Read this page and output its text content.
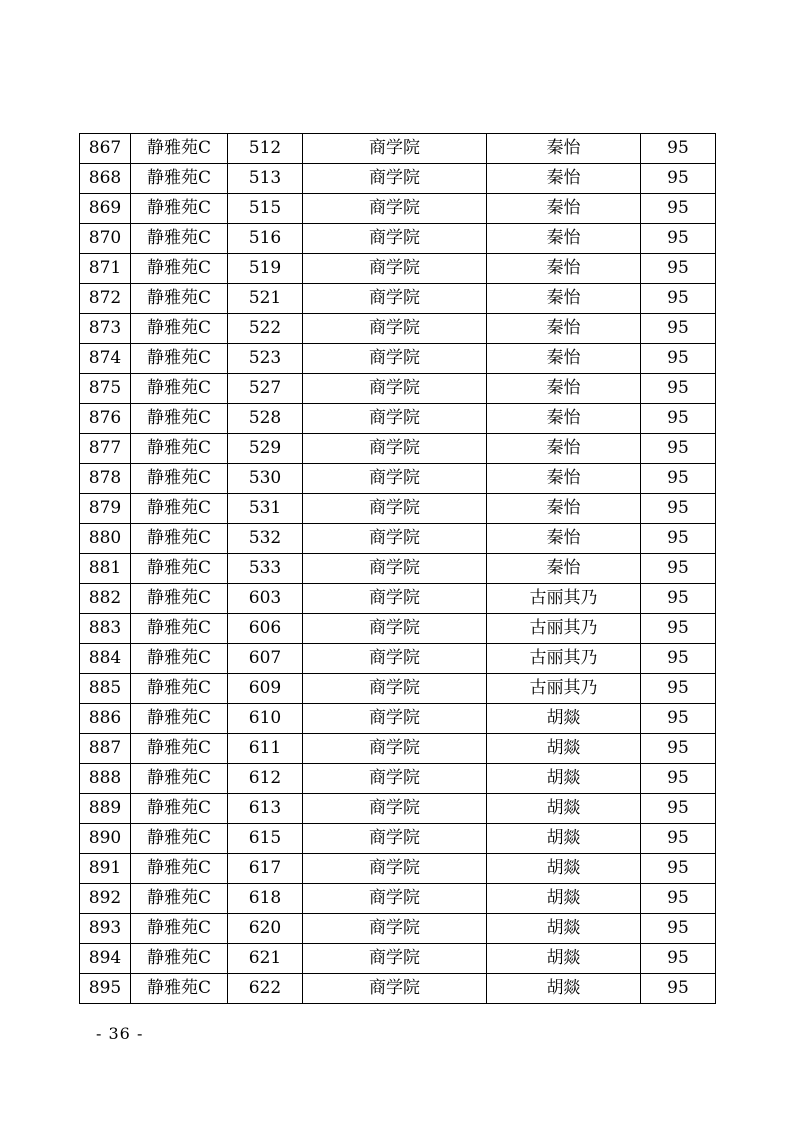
867	静雅苑C	512	商学院	秦怡	95
868	静雅苑C	513	商学院	秦怡	95
869	静雅苑C	515	商学院	秦怡	95
870	静雅苑C	516	商学院	秦怡	95
871	静雅苑C	519	商学院	秦怡	95
872	静雅苑C	521	商学院	秦怡	95
873	静雅苑C	522	商学院	秦怡	95
874	静雅苑C	523	商学院	秦怡	95
875	静雅苑C	527	商学院	秦怡	95
876	静雅苑C	528	商学院	秦怡	95
877	静雅苑C	529	商学院	秦怡	95
878	静雅苑C	530	商学院	秦怡	95
879	静雅苑C	531	商学院	秦怡	95
880	静雅苑C	532	商学院	秦怡	95
881	静雅苑C	533	商学院	秦怡	95
882	静雅苑C	603	商学院	古丽其乃	95
883	静雅苑C	606	商学院	古丽其乃	95
884	静雅苑C	607	商学院	古丽其乃	95
885	静雅苑C	609	商学院	古丽其乃	95
886	静雅苑C	610	商学院	胡燚	95
887	静雅苑C	611	商学院	胡燚	95
888	静雅苑C	612	商学院	胡燚	95
889	静雅苑C	613	商学院	胡燚	95
890	静雅苑C	615	商学院	胡燚	95
891	静雅苑C	617	商学院	胡燚	95
892	静雅苑C	618	商学院	胡燚	95
893	静雅苑C	620	商学院	胡燚	95
894	静雅苑C	621	商学院	胡燚	95
895	静雅苑C	622	商学院	胡燚	95
- 36 -
